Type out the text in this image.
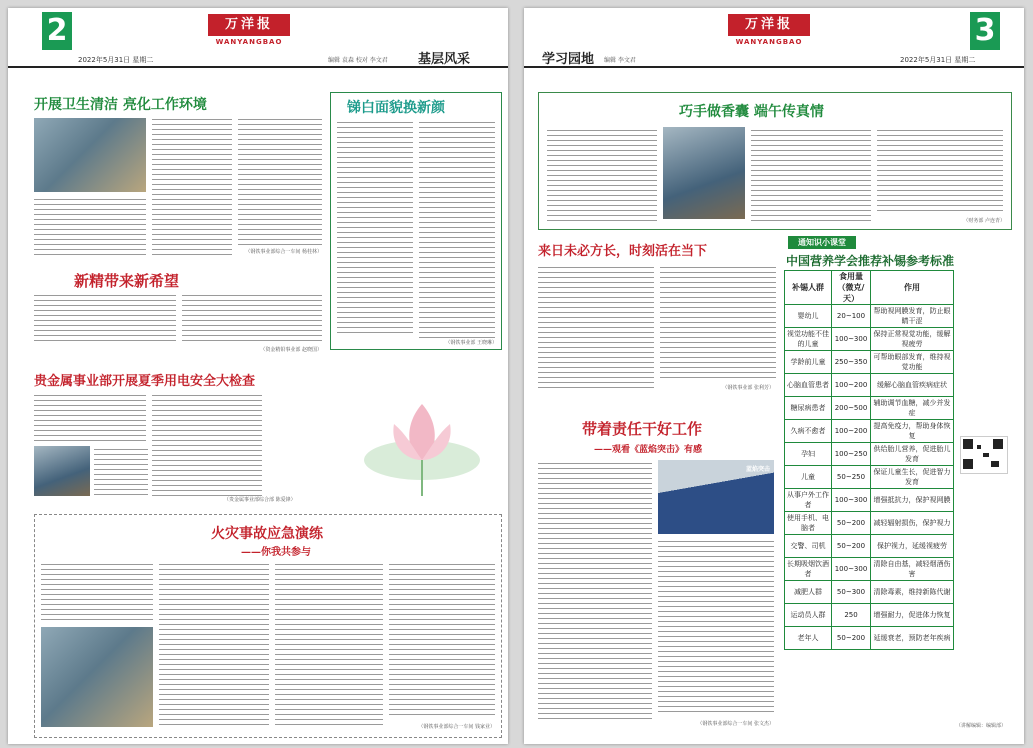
2	万洋报
WANYANGBAO
2022年5月31日 星期二	编辑 袁森 校对 李文君 基层风采
开展卫生清洁 亮化工作环境
（钢铁事业部综合一车间 杨桂林）
锑白面貌换新颜
（钢铁事业部 王晓琳）
新精带来新希望
（资金精铅事业部 赵晓国）
贵金属事业部开展夏季用电安全大检查
（贵金属事业部综合部 陈爱锋）
火灾事故应急演练
——你我共参与
（钢铁事业部综合一车间 钱家业）
学习园地 编辑 李文君
万洋报
WANYANGBAO
2022年5月31日 星期二
3
巧手做香囊 端午传真情
（财务部 卢连青）
来日未必方长，时刻活在当下
（钢铁事业部 张利芳）
带着责任干好工作
——观看《蓝焰突击》有感
蓝焰突击
（钢铁事业部综合一车间 张文杰）
通知识小课堂
中国营养学会推荐补锡参考标准
补锡人群	食用量 （微克/天）	作用
婴幼儿	20~100	帮助视网膜发育，防止眼睛干涩
视觉功能不佳的儿童	100~300	保持正常视觉功能，缓解视疲劳
学龄前儿童	250~350	可帮助眼部发育，维持视觉功能
心脑血管患者	100~200	缓解心脑血管疾病症状
糖尿病患者	200~500	辅助调节血糖，减少并发症
久病不愈者	100~200	提高免疫力，帮助身体恢复
孕妇	100~250	供给胎儿营养，促进胎儿发育
儿童	50~250	保证儿童生长，促进智力发育
从事户外工作者	100~300	增强抵抗力，保护视网膜
使用手机、电脑者	50~200	减轻辐射损伤，保护视力
交警、司机	50~200	保护视力，延缓视疲劳
长期吸烟饮酒者	100~300	清除自由基，减轻烟酒伤害
减肥人群	50~300	清除毒素，维持新陈代谢
运动员人群	250	增强耐力，促进体力恢复
老年人	50~200	延缓衰老，预防老年疾病
（讲解编辑：编辑部）
